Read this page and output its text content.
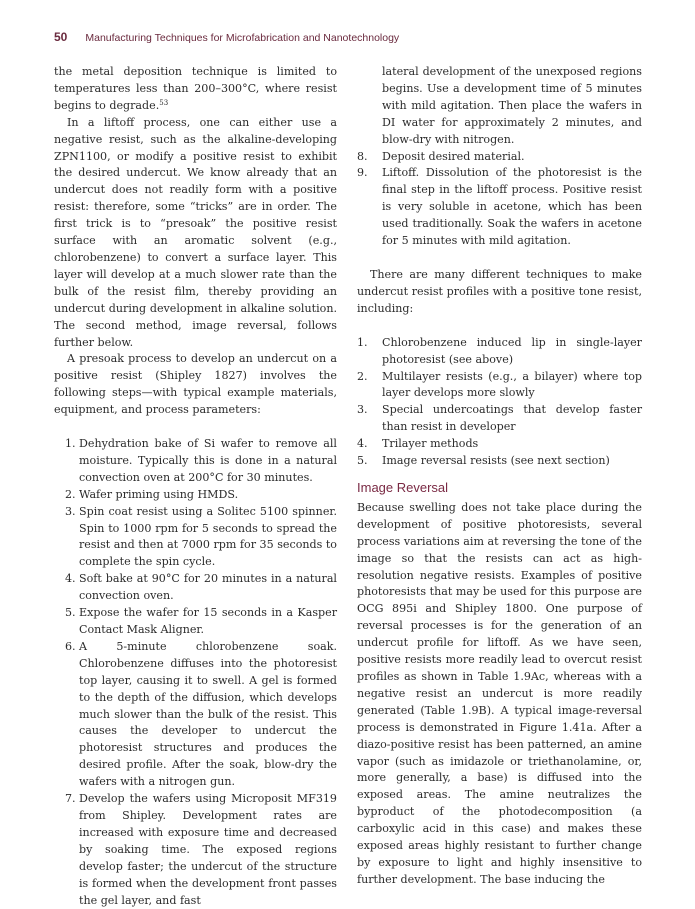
50 Manufacturing Techniques for Microfabrication and Nanotechnology

the metal deposition technique is limited to temperatures less than 200–300°C, where resist begins to degrade.$^{53}$

In a liftoff process, one can either use a negative resist, such as the alkaline-developing ZPN1100, or modify a positive resist to exhibit the desired undercut. We know already that an undercut does not readily form with a positive resist: therefore, some “tricks” are in order. The first trick is to “presoak” the positive resist surface with an aromatic solvent (e.g., chlorobenzene) to convert a surface layer. This layer will develop at a much slower rate than the bulk of the resist film, thereby providing an undercut during development in alkaline solution. The second method, image reversal, follows further below.

A presoak process to develop an undercut on a positive resist (Shipley 1827) involves the following steps—with typical example materials, equipment, and process parameters:

1. Dehydration bake of Si wafer to remove all moisture. Typically this is done in a natural convection oven at 200°C for 30 minutes.
2. Wafer priming using HMDS.
3. Spin coat resist using a Solitec 5100 spinner. Spin to 1000 rpm for 5 seconds to spread the resist and then at 7000 rpm for 35 seconds to complete the spin cycle.
4. Soft bake at 90°C for 20 minutes in a natural convection oven.
5. Expose the wafer for 15 seconds in a Kasper Contact Mask Aligner.
6. A 5-minute chlorobenzene soak. Chlorobenzene diffuses into the photoresist top layer, causing it to swell. A gel is formed to the depth of the diffusion, which develops much slower than the bulk of the resist. This causes the developer to undercut the photoresist structures and produces the desired profile. After the soak, blow-dry the wafers with a nitrogen gun.
7. Develop the wafers using Microposit MF319 from Shipley. Development rates are increased with exposure time and decreased by soaking time. The exposed regions develop faster; the undercut of the structure is formed when the development front passes the gel layer, and fast

lateral development of the unexposed regions begins. Use a development time of 5 minutes with mild agitation. Then place the wafers in DI water for approximately 2 minutes, and blow-dry with nitrogen.

8. Deposit desired material.
9. Liftoff. Dissolution of the photoresist is the final step in the liftoff process. Positive resist is very soluble in acetone, which has been used traditionally. Soak the wafers in acetone for 5 minutes with mild agitation.

There are many different techniques to make undercut resist profiles with a positive tone resist, including:

1. Chlorobenzene induced lip in single-layer photoresist (see above)
2. Multilayer resists (e.g., a bilayer) where top layer develops more slowly
3. Special undercoatings that develop faster than resist in developer
4. Trilayer methods
5. Image reversal resists (see next section)
Image Reversal

Because swelling does not take place during the development of positive photoresists, several process variations aim at reversing the tone of the image so that the resists can act as high-resolution negative resists. Examples of positive photoresists that may be used for this purpose are OCG 895i and Shipley 1800. One purpose of reversal processes is for the generation of an undercut profile for liftoff. As we have seen, positive resists more readily lead to overcut resist profiles as shown in Table 1.9Ac, whereas with a negative resist an undercut is more readily generated (Table 1.9B). A typical image-reversal process is demonstrated in Figure 1.41a. After a diazo-positive resist has been patterned, an amine vapor (such as imidazole or triethanolamine, or, more generally, a base) is diffused into the exposed areas. The amine neutralizes the byproduct of the photodecomposition (a carboxylic acid in this case) and makes these exposed areas highly resistant to further change by exposure to light and highly insensitive to further development. The base inducing the
